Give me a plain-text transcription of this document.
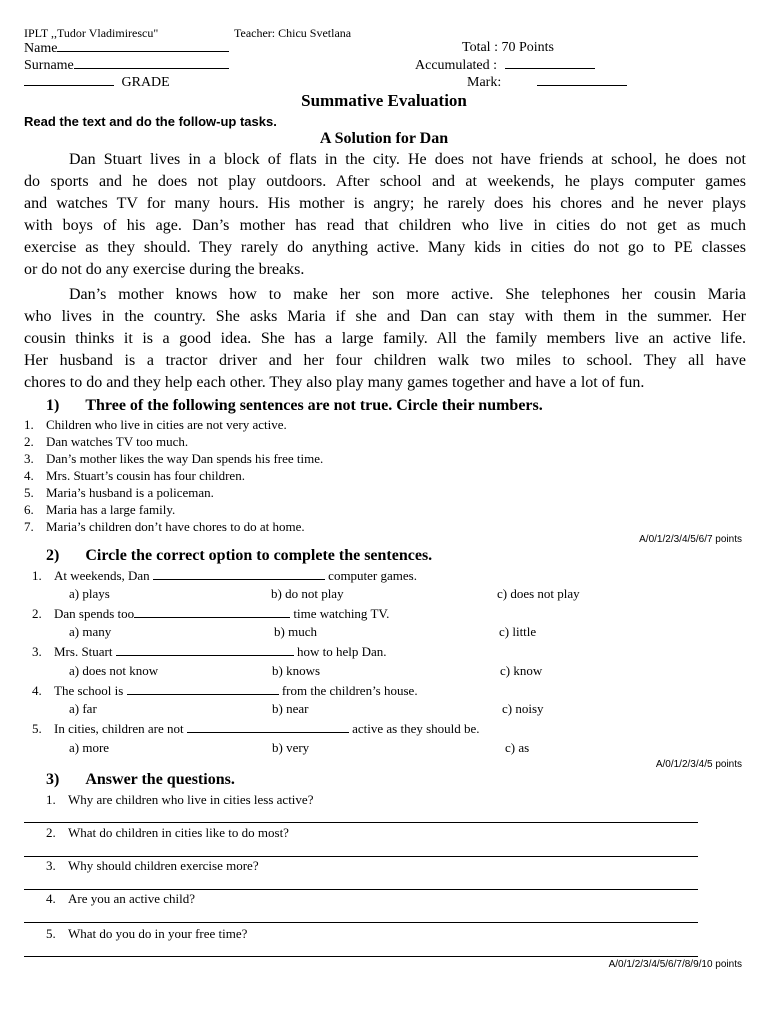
IPLT ,,Tudor Vladimirescu"	Teacher: Chicu Svetlana
Name	Total : 70 Points
Surname	Accumulated :
GRADE	Mark:
Summative Evaluation
Read the text and do the follow-up tasks.
A Solution for Dan
Dan Stuart lives in a block of flats in the city. He does not have friends at school, he does not
do sports and he does not play outdoors. After school and at weekends, he plays computer games
and watches TV for many hours. His mother is angry; he rarely does his chores and he never plays
with boys of his age. Dan’s mother has read that children who live in cities do not get as much
exercise as they should. They rarely do anything active. Many kids in cities do not go to PE classes
or do not do any exercise during the breaks.
Dan’s mother knows how to make her son more active. She telephones her cousin Maria
who lives in the country. She asks Maria if she and Dan can stay with them in the summer. Her
cousin thinks it is a good idea. She has a large family. All the family members live an active life.
Her husband is a tractor driver and her four children walk two miles to school. They all have
chores to do and they help each other. They also play many games together and have a lot of fun.
1) Three of the following sentences are not true. Circle their numbers.
1. Children who live in cities are not very active.
2. Dan watches TV too much.
3. Dan’s mother likes the way Dan spends his free time.
4. Mrs. Stuart’s cousin has four children.
5. Maria’s husband is a policeman.
6. Maria has a large family.
7. Maria’s children don’t have chores to do at home.
A/0/1/2/3/4/5/6/7 points
2) Circle the correct option to complete the sentences.
1. At weekends, Dan	computer games.
a) plays	b) do not play	c) does not play
2. Dan spends too	time watching TV.
a) many	b) much	c) little
3. Mrs. Stuart	how to help Dan.
a) does not know	b) knows	c) know
4. The school is	from the children’s house.
a) far	b) near	c) noisy
5. In cities, children are not	active as they should be.
a) more	b) very	c) as
A/0/1/2/3/4/5 points
3) Answer the questions.
1. Why are children who live in cities less active?
2. What do children in cities like to do most?
3. Why should children exercise more?
4. Are you an active child?
5. What do you do in your free time?
A/0/1/2/3/4/5/6/7/8/9/10 points
